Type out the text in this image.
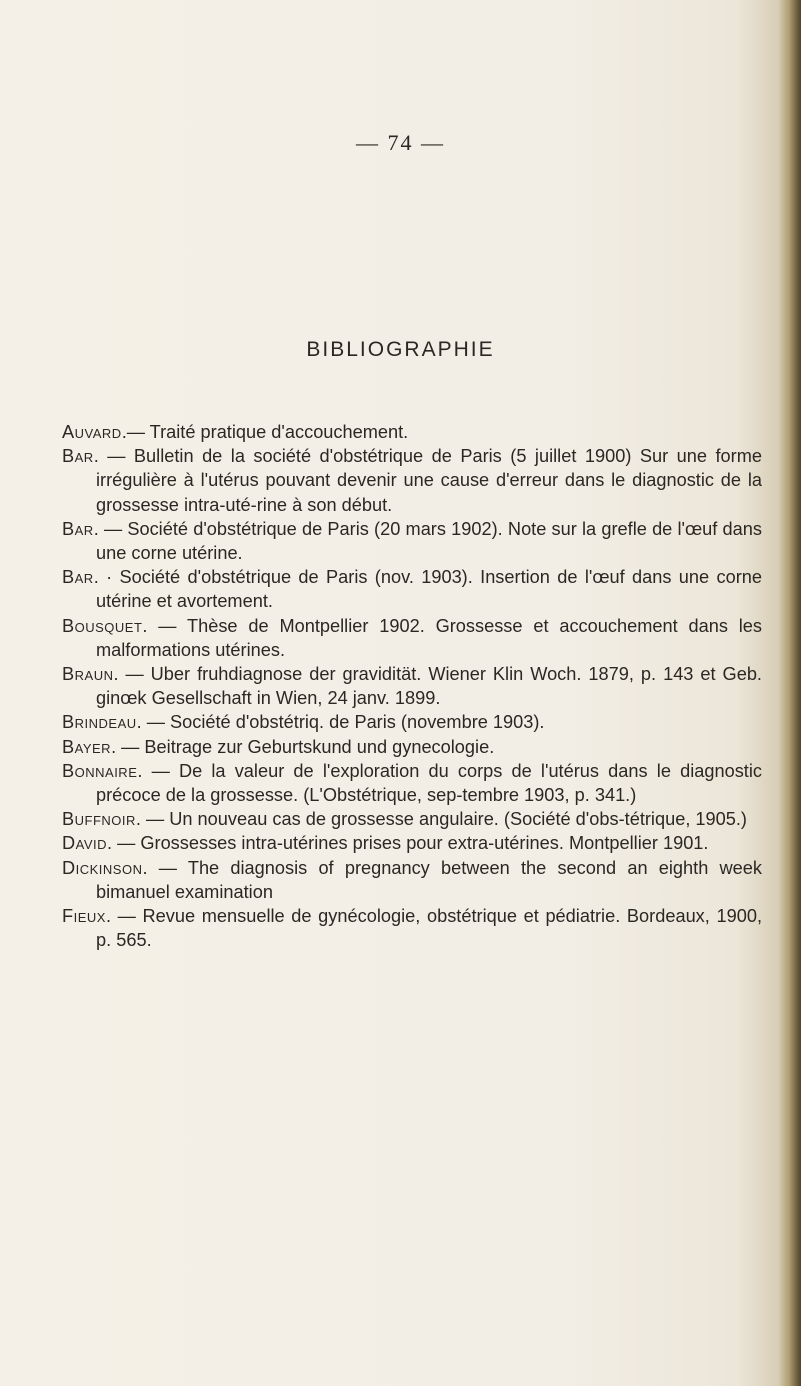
— 74 —
BIBLIOGRAPHIE

Auvard.— Traité pratique d'accouchement.

Bar. — Bulletin de la société d'obstétrique de Paris (5 juillet 1900) Sur une forme irrégulière à l'utérus pouvant devenir une cause d'erreur dans le diagnostic de la grossesse intra-uté-rine à son début.

Bar. — Société d'obstétrique de Paris (20 mars 1902). Note sur la grefle de l'œuf dans une corne utérine.

Bar. · Société d'obstétrique de Paris (nov. 1903). Insertion de l'œuf dans une corne utérine et avortement.

Bousquet. — Thèse de Montpellier 1902. Grossesse et accouchement dans les malformations utérines.

Braun. — Uber fruhdiagnose der gravidität. Wiener Klin Woch. 1879, p. 143 et Geb. ginœk Gesellschaft in Wien, 24 janv. 1899.

Brindeau. — Société d'obstétriq. de Paris (novembre 1903).

Bayer. — Beitrage zur Geburtskund und gynecologie.

Bonnaire. — De la valeur de l'exploration du corps de l'utérus dans le diagnostic précoce de la grossesse. (L'Obstétrique, sep-tembre 1903, p. 341.)

Buffnoir. — Un nouveau cas de grossesse angulaire. (Société d'obs-tétrique, 1905.)

David. — Grossesses intra-utérines prises pour extra-utérines. Montpellier 1901.

Dickinson. — The diagnosis of pregnancy between the second an eighth week bimanuel examination

Fieux. — Revue mensuelle de gynécologie, obstétrique et pédiatrie. Bordeaux, 1900, p. 565.
